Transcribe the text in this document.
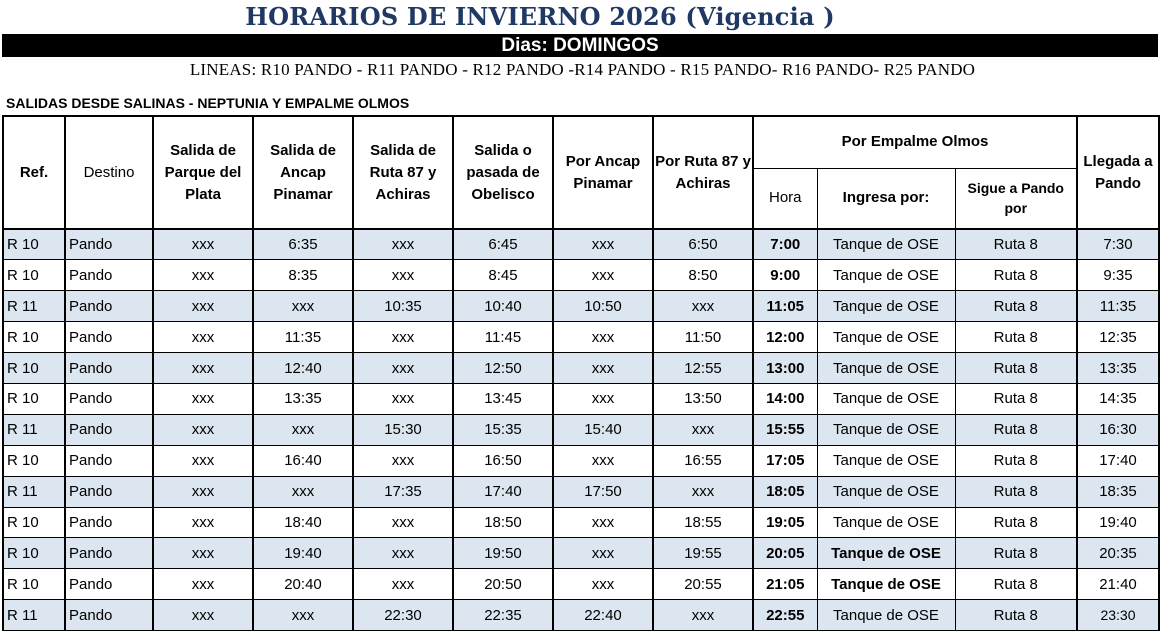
HORARIOS DE INVIERNO 2026 (Vigencia )
Dias: DOMINGOS
LINEAS: R10 PANDO - R11 PANDO - R12 PANDO -R14 PANDO - R15 PANDO- R16 PANDO- R25 PANDO
SALIDAS DESDE SALINAS - NEPTUNIA Y EMPALME OLMOS
Ref.	Destino	Salida de Parque del Plata	Salida de Ancap Pinamar	Salida de Ruta 87 y Achiras	Salida o pasada de Obelisco	Por Ancap Pinamar	Por Ruta 87 y Achiras	Por Empalme Olmos			Llegada a Pando
								Hora	Ingresa por:	Sigue a Pando por	
R 10	Pando	xxx	6:35	xxx	6:45	xxx	6:50	7:00	Tanque de OSE	Ruta 8	7:30
R 10	Pando	xxx	8:35	xxx	8:45	xxx	8:50	9:00	Tanque de OSE	Ruta 8	9:35
R 11	Pando	xxx	xxx	10:35	10:40	10:50	xxx	11:05	Tanque de OSE	Ruta 8	11:35
R 10	Pando	xxx	11:35	xxx	11:45	xxx	11:50	12:00	Tanque de OSE	Ruta 8	12:35
R 10	Pando	xxx	12:40	xxx	12:50	xxx	12:55	13:00	Tanque de OSE	Ruta 8	13:35
R 10	Pando	xxx	13:35	xxx	13:45	xxx	13:50	14:00	Tanque de OSE	Ruta 8	14:35
R 11	Pando	xxx	xxx	15:30	15:35	15:40	xxx	15:55	Tanque de OSE	Ruta 8	16:30
R 10	Pando	xxx	16:40	xxx	16:50	xxx	16:55	17:05	Tanque de OSE	Ruta 8	17:40
R 11	Pando	xxx	xxx	17:35	17:40	17:50	xxx	18:05	Tanque de OSE	Ruta 8	18:35
R 10	Pando	xxx	18:40	xxx	18:50	xxx	18:55	19:05	Tanque de OSE	Ruta 8	19:40
R 10	Pando	xxx	19:40	xxx	19:50	xxx	19:55	20:05	Tanque de OSE	Ruta 8	20:35
R 10	Pando	xxx	20:40	xxx	20:50	xxx	20:55	21:05	Tanque de OSE	Ruta 8	21:40
R 11	Pando	xxx	xxx	22:30	22:35	22:40	xxx	22:55	Tanque de OSE	Ruta 8	23:30
